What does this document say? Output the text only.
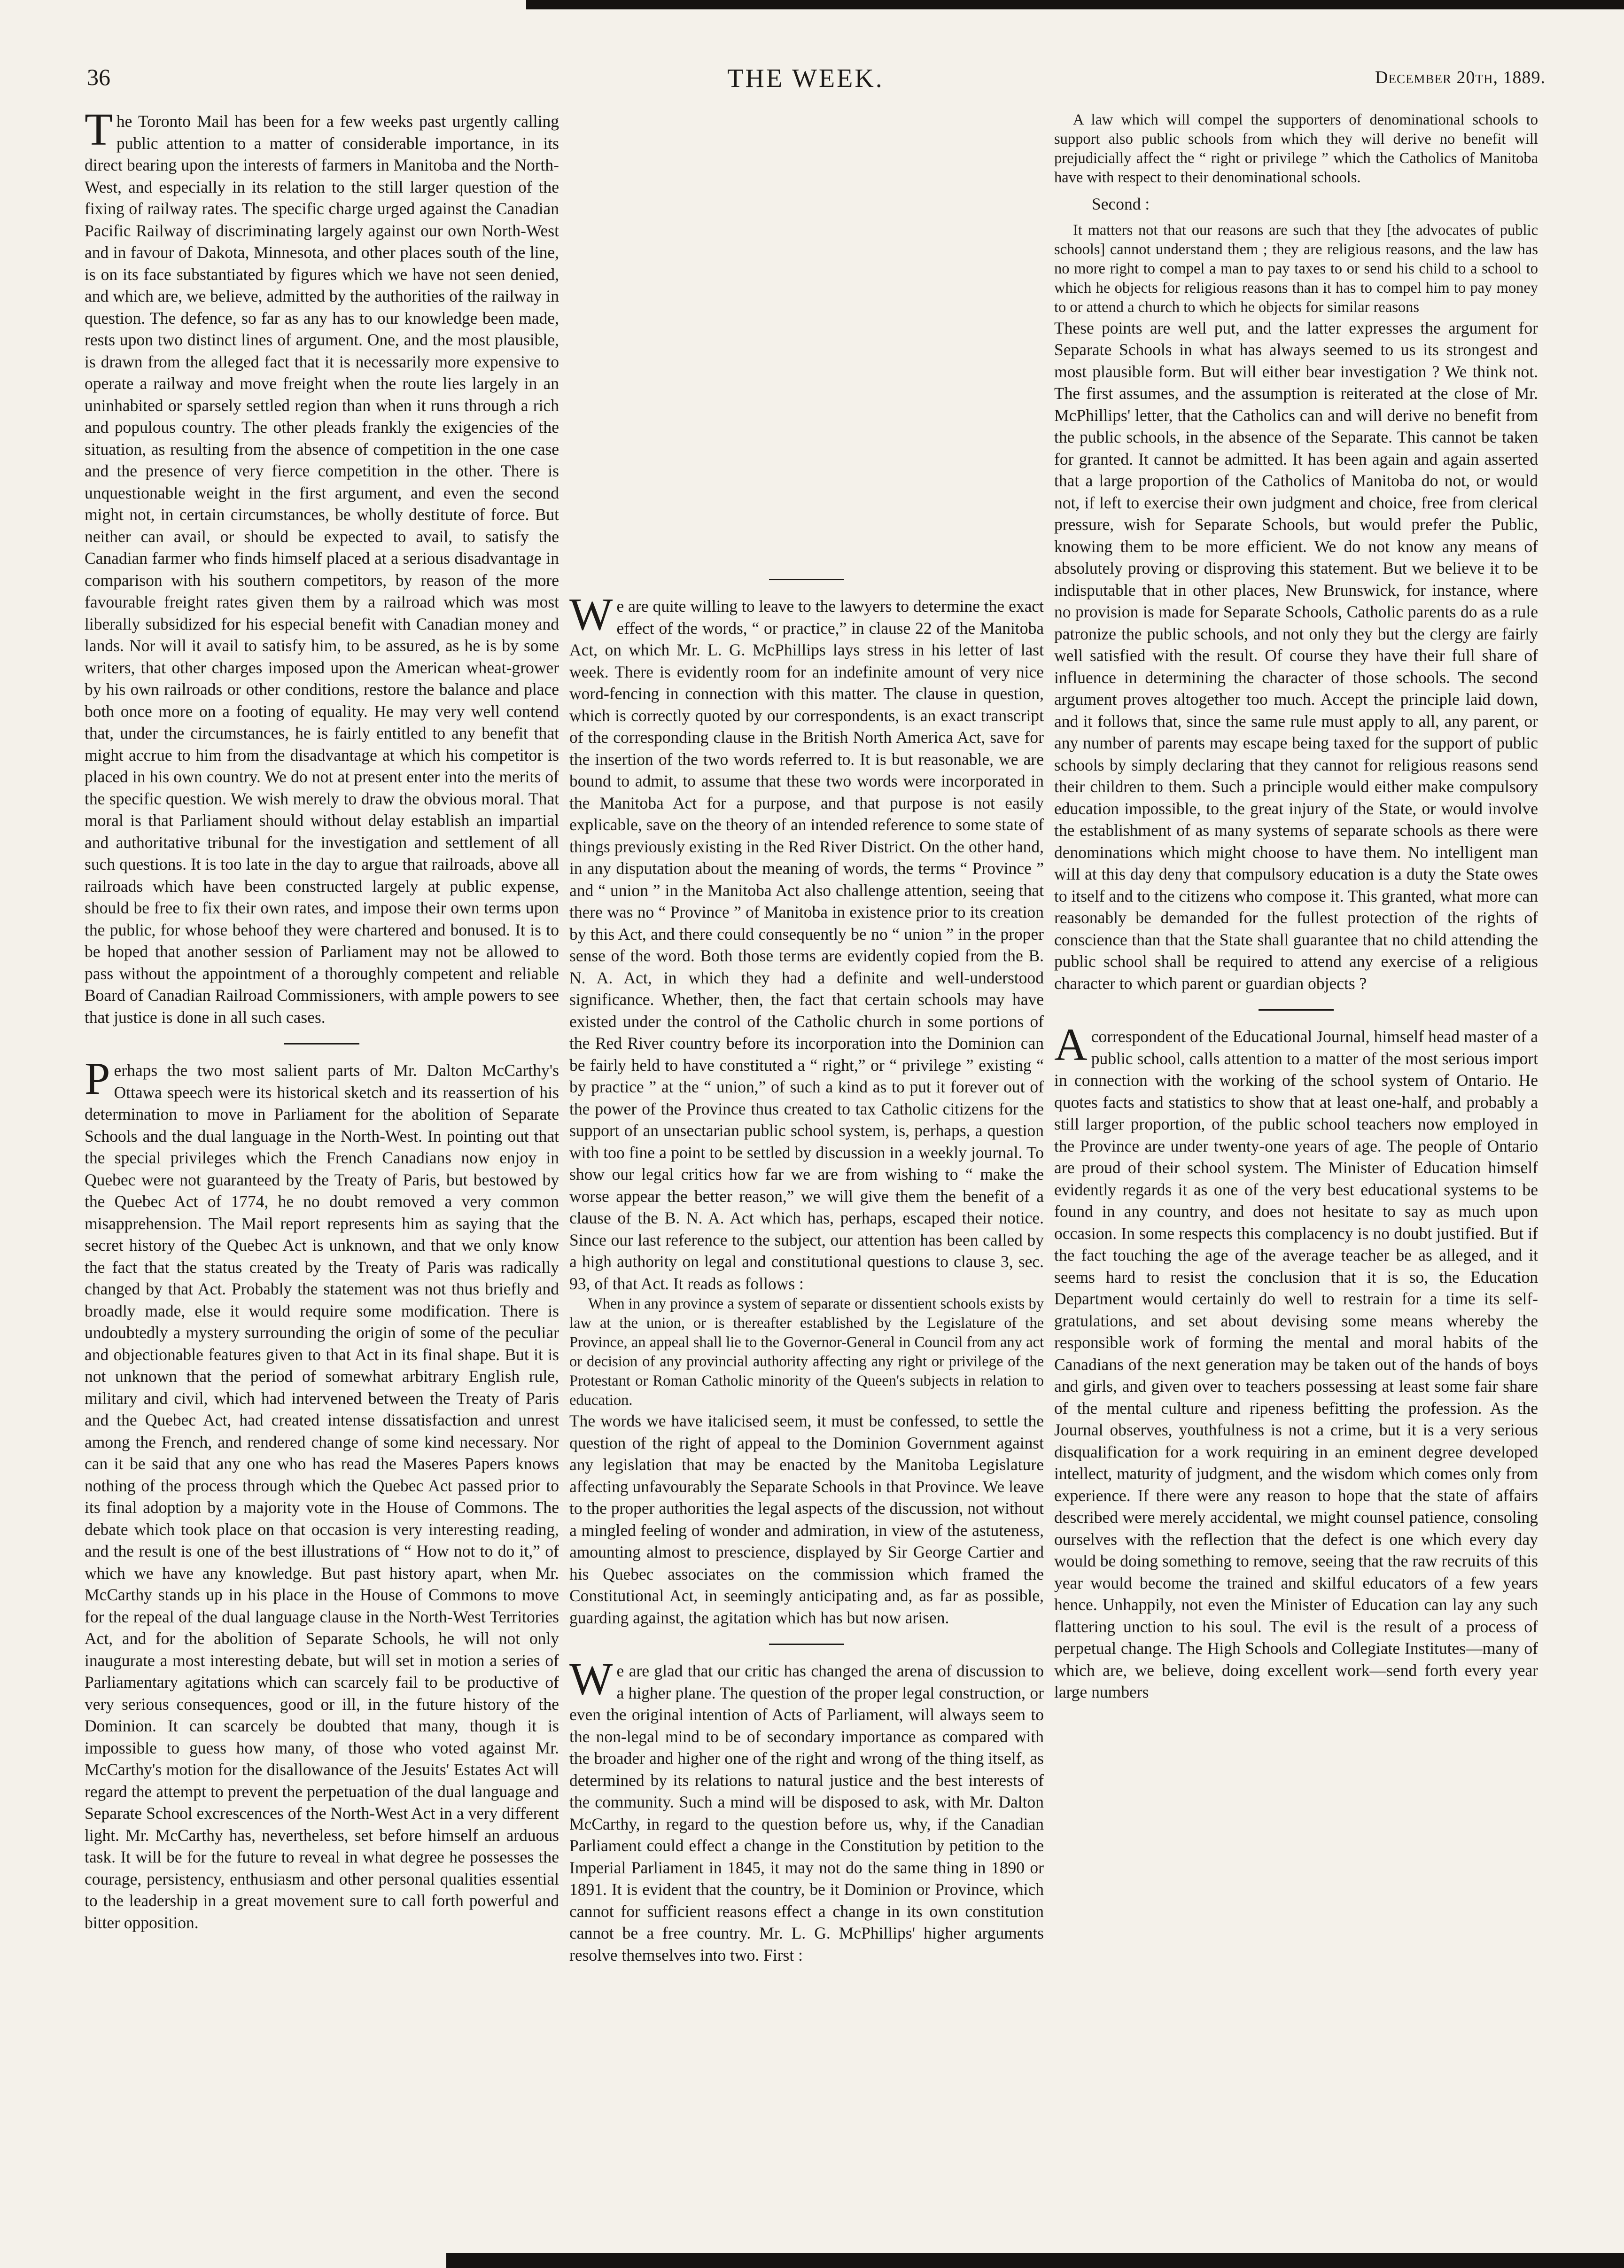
36	THE WEEK.	December 20th, 1889.

The Toronto Mail has been for a few weeks past urgently calling public attention to a matter of considerable importance, in its direct bearing upon the interests of farmers in Manitoba and the North-West, and especially in its relation to the still larger question of the fixing of railway rates. The specific charge urged against the Canadian Pacific Railway of discriminating largely against our own North-West and in favour of Dakota, Minnesota, and other places south of the line, is on its face substantiated by figures which we have not seen denied, and which are, we believe, admitted by the authorities of the railway in question. The defence, so far as any has to our knowledge been made, rests upon two distinct lines of argument. One, and the most plausible, is drawn from the alleged fact that it is necessarily more expensive to operate a railway and move freight when the route lies largely in an uninhabited or sparsely settled region than when it runs through a rich and populous country. The other pleads frankly the exigencies of the situation, as resulting from the absence of competition in the one case and the presence of very fierce competition in the other. There is unquestionable weight in the first argument, and even the second might not, in certain circumstances, be wholly destitute of force. But neither can avail, or should be expected to avail, to satisfy the Canadian farmer who finds himself placed at a serious disadvantage in comparison with his southern competitors, by reason of the more favourable freight rates given them by a railroad which was most liberally subsidized for his especial benefit with Canadian money and lands. Nor will it avail to satisfy him, to be assured, as he is by some writers, that other charges imposed upon the American wheat-grower by his own railroads or other conditions, restore the balance and place both once more on a footing of equality. He may very well contend that, under the circumstances, he is fairly entitled to any benefit that might accrue to him from the disadvantage at which his competitor is placed in his own country. We do not at present enter into the merits of the specific question. We wish merely to draw the obvious moral. That moral is that Parliament should without delay establish an impartial and authoritative tribunal for the investigation and settlement of all such questions. It is too late in the day to argue that railroads, above all railroads which have been constructed largely at public expense, should be free to fix their own rates, and impose their own terms upon the public, for whose behoof they were chartered and bonused. It is to be hoped that another session of Parliament may not be allowed to pass without the appointment of a thoroughly competent and reliable Board of Canadian Railroad Commissioners, with ample powers to see that justice is done in all such cases.

Perhaps the two most salient parts of Mr. Dalton McCarthy's Ottawa speech were its historical sketch and its reassertion of his determination to move in Parliament for the abolition of Separate Schools and the dual language in the North-West. In pointing out that the special privileges which the French Canadians now enjoy in Quebec were not guaranteed by the Treaty of Paris, but bestowed by the Quebec Act of 1774, he no doubt removed a very common misapprehension. The Mail report represents him as saying that the secret history of the Quebec Act is unknown, and that we only know the fact that the status created by the Treaty of Paris was radically changed by that Act. Probably the statement was not thus briefly and broadly made, else it would require some modification. There is undoubtedly a mystery surrounding the origin of some of the peculiar and objectionable features given to that Act in its final shape. But it is not unknown that the period of somewhat arbitrary English rule, military and civil, which had intervened between the Treaty of Paris and the Quebec Act, had created intense dissatisfaction and unrest among the French, and rendered change of some kind necessary. Nor can it be said that any one who has read the Maseres Papers knows nothing of the process through which the Quebec Act passed prior to its final adoption by a majority vote in the House of Commons. The debate which took place on that occasion is very interesting reading, and the result is one of the best illustrations of “ How not to do it,” of which we have any knowledge. But past history apart, when Mr. McCarthy stands up in his place in the House of Commons to move for the repeal of the dual language clause in the North-West Territories Act, and for the abolition of Separate Schools, he will not only inaugurate a most interesting debate, but will set in motion a series of Parliamentary agitations which can scarcely fail to be productive of very serious consequences, good or ill, in the future history of the Dominion. It can scarcely be doubted that many, though it is impossible to guess how many, of those who voted against Mr. McCarthy's motion for the disallowance of the Jesuits' Estates Act will regard the attempt to prevent the perpetuation of the dual language and Separate School excrescences of the North-West Act in a very different light. Mr. McCarthy has, nevertheless, set before himself an arduous task. It will be for the future to reveal in what degree he possesses the courage, persistency, enthusiasm and other personal qualities essential to the leadership in a great movement sure to call forth powerful and bitter opposition.

We are quite willing to leave to the lawyers to determine the exact effect of the words, “ or practice,” in clause 22 of the Manitoba Act, on which Mr. L. G. McPhillips lays stress in his letter of last week. There is evidently room for an indefinite amount of very nice word-fencing in connection with this matter. The clause in question, which is correctly quoted by our correspondents, is an exact transcript of the corresponding clause in the British North America Act, save for the insertion of the two words referred to. It is but reasonable, we are bound to admit, to assume that these two words were incorporated in the Manitoba Act for a purpose, and that purpose is not easily explicable, save on the theory of an intended reference to some state of things previously existing in the Red River District. On the other hand, in any disputation about the meaning of words, the terms “ Province ” and “ union ” in the Manitoba Act also challenge attention, seeing that there was no “ Province ” of Manitoba in existence prior to its creation by this Act, and there could consequently be no “ union ” in the proper sense of the word. Both those terms are evidently copied from the B. N. A. Act, in which they had a definite and well-understood significance. Whether, then, the fact that certain schools may have existed under the control of the Catholic church in some portions of the Red River country before its incorporation into the Dominion can be fairly held to have constituted a “ right,” or “ privilege ” existing “ by practice ” at the “ union,” of such a kind as to put it forever out of the power of the Province thus created to tax Catholic citizens for the support of an unsectarian public school system, is, perhaps, a question with too fine a point to be settled by discussion in a weekly journal. To show our legal critics how far we are from wishing to “ make the worse appear the better reason,” we will give them the benefit of a clause of the B. N. A. Act which has, perhaps, escaped their notice. Since our last reference to the subject, our attention has been called by a high authority on legal and constitutional questions to clause 3, sec. 93, of that Act. It reads as follows :

When in any province a system of separate or dissentient schools exists by law at the union, or is thereafter established by the Legislature of the Province, an appeal shall lie to the Governor-General in Council from any act or decision of any provincial authority affecting any right or privilege of the Protestant or Roman Catholic minority of the Queen's subjects in relation to education.

The words we have italicised seem, it must be confessed, to settle the question of the right of appeal to the Dominion Government against any legislation that may be enacted by the Manitoba Legislature affecting unfavourably the Separate Schools in that Province. We leave to the proper authorities the legal aspects of the discussion, not without a mingled feeling of wonder and admiration, in view of the astuteness, amounting almost to prescience, displayed by Sir George Cartier and his Quebec associates on the commission which framed the Constitutional Act, in seemingly anticipating and, as far as possible, guarding against, the agitation which has but now arisen.

We are glad that our critic has changed the arena of discussion to a higher plane. The question of the proper legal construction, or even the original intention of Acts of Parliament, will always seem to the non-legal mind to be of secondary importance as compared with the broader and higher one of the right and wrong of the thing itself, as determined by its relations to natural justice and the best interests of the community. Such a mind will be disposed to ask, with Mr. Dalton McCarthy, in regard to the question before us, why, if the Canadian Parliament could effect a change in the Constitution by petition to the Imperial Parliament in 1845, it may not do the same thing in 1890 or 1891. It is evident that the country, be it Dominion or Province, which cannot for sufficient reasons effect a change in its own constitution cannot be a free country. Mr. L. G. McPhillips' higher arguments resolve themselves into two. First :

A law which will compel the supporters of denominational schools to support also public schools from which they will derive no benefit will prejudicially affect the “ right or privilege ” which the Catholics of Manitoba have with respect to their denominational schools.

Second :

It matters not that our reasons are such that they [the advocates of public schools] cannot understand them ; they are religious reasons, and the law has no more right to compel a man to pay taxes to or send his child to a school to which he objects for religious reasons than it has to compel him to pay money to or attend a church to which he objects for similar reasons

These points are well put, and the latter expresses the argument for Separate Schools in what has always seemed to us its strongest and most plausible form. But will either bear investigation ? We think not. The first assumes, and the assumption is reiterated at the close of Mr. McPhillips' letter, that the Catholics can and will derive no benefit from the public schools, in the absence of the Separate. This cannot be taken for granted. It cannot be admitted. It has been again and again asserted that a large proportion of the Catholics of Manitoba do not, or would not, if left to exercise their own judgment and choice, free from clerical pressure, wish for Separate Schools, but would prefer the Public, knowing them to be more efficient. We do not know any means of absolutely proving or disproving this statement. But we believe it to be indisputable that in other places, New Brunswick, for instance, where no provision is made for Separate Schools, Catholic parents do as a rule patronize the public schools, and not only they but the clergy are fairly well satisfied with the result. Of course they have their full share of influence in determining the character of those schools. The second argument proves altogether too much. Accept the principle laid down, and it follows that, since the same rule must apply to all, any parent, or any number of parents may escape being taxed for the support of public schools by simply declaring that they cannot for religious reasons send their children to them. Such a principle would either make compulsory education impossible, to the great injury of the State, or would involve the establishment of as many systems of separate schools as there were denominations which might choose to have them. No intelligent man will at this day deny that compulsory education is a duty the State owes to itself and to the citizens who compose it. This granted, what more can reasonably be demanded for the fullest protection of the rights of conscience than that the State shall guarantee that no child attending the public school shall be required to attend any exercise of a religious character to which parent or guardian objects ?

Acorrespondent of the Educational Journal, himself head master of a public school, calls attention to a matter of the most serious import in connection with the working of the school system of Ontario. He quotes facts and statistics to show that at least one-half, and probably a still larger proportion, of the public school teachers now employed in the Province are under twenty-one years of age. The people of Ontario are proud of their school system. The Minister of Education himself evidently regards it as one of the very best educational systems to be found in any country, and does not hesitate to say as much upon occasion. In some respects this complacency is no doubt justified. But if the fact touching the age of the average teacher be as alleged, and it seems hard to resist the conclusion that it is so, the Education Department would certainly do well to restrain for a time its self-gratulations, and set about devising some means whereby the responsible work of forming the mental and moral habits of the Canadians of the next generation may be taken out of the hands of boys and girls, and given over to teachers possessing at least some fair share of the mental culture and ripeness befitting the profession. As the Journal observes, youthfulness is not a crime, but it is a very serious disqualification for a work requiring in an eminent degree developed intellect, maturity of judgment, and the wisdom which comes only from experience. If there were any reason to hope that the state of affairs described were merely accidental, we might counsel patience, consoling ourselves with the reflection that the defect is one which every day would be doing something to remove, seeing that the raw recruits of this year would become the trained and skilful educators of a few years hence. Unhappily, not even the Minister of Education can lay any such flattering unction to his soul. The evil is the result of a process of perpetual change. The High Schools and Collegiate Institutes—many of which are, we believe, doing excellent work—send forth every year large numbers
